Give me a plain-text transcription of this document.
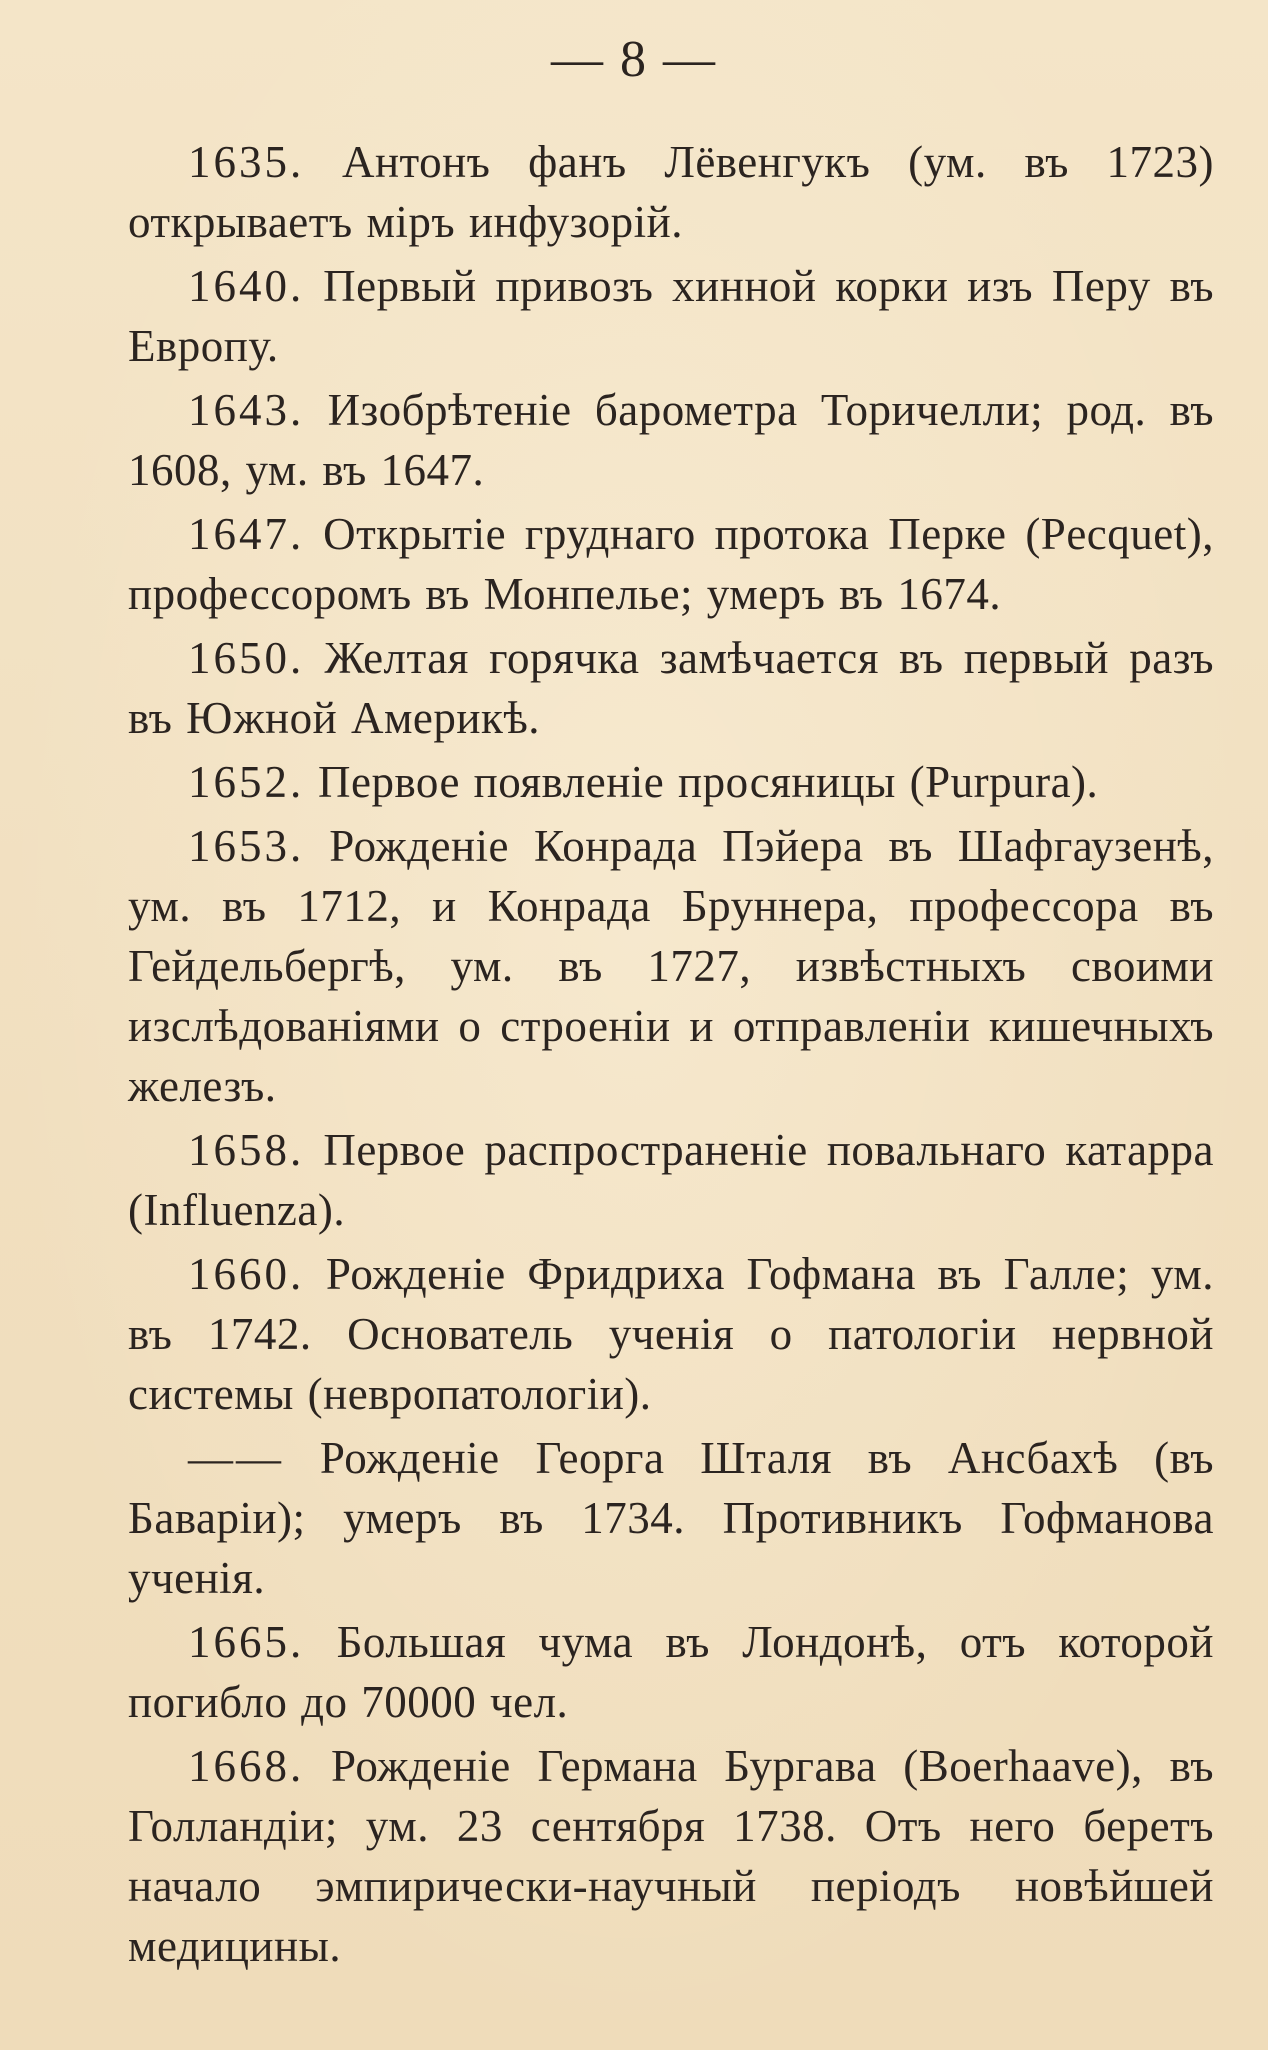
— 8 —

1635. Антонъ фанъ Лёвенгукъ (ум. въ 1723) открываетъ міръ инфузорій.

1640. Первый привозъ хинной корки изъ Перу въ Европу.

1643. Изобрѣтеніе барометра Торичелли; род. въ 1608, ум. въ 1647.

1647. Открытіе груднаго протока Перке (Pecquet), профессоромъ въ Монпелье; умеръ въ 1674.

1650. Желтая горячка замѣчается въ первый разъ въ Южной Америкѣ.

1652. Первое появленіе просяницы (Purpura).

1653. Рожденіе Конрада Пэйера въ Шафгаузенѣ, ум. въ 1712, и Конрада Бруннера, профессора въ Гейдельбергѣ, ум. въ 1727, извѣстныхъ своими изслѣдованіями о строеніи и отправленіи кишечныхъ железъ.

1658. Первое распространеніе повальнаго катарра (Influenza).

1660. Рожденіе Фридриха Гофмана въ Галле; ум. въ 1742. Основатель ученія о патологіи нервной системы (невропатологіи).

—— Рожденіе Георга Шталя въ Ансбахѣ (въ Баваріи); умеръ въ 1734. Противникъ Гофманова ученія.

1665. Большая чума въ Лондонѣ, отъ которой погибло до 70000 чел.

1668. Рожденіе Германа Бургава (Boerhaave), въ Голландіи; ум. 23 сентября 1738. Отъ него беретъ начало эмпирически-научный періодъ новѣйшей медицины.
